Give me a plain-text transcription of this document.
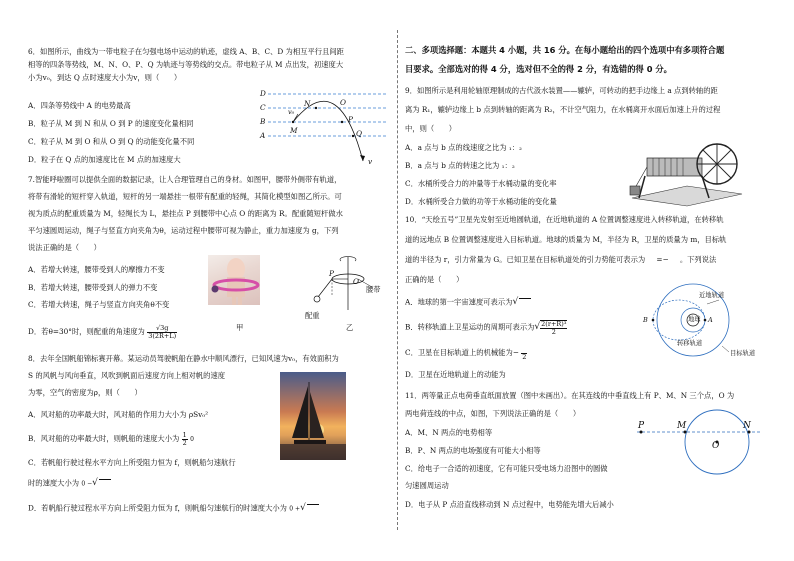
6．如图所示，曲线为一带电粒子在匀强电场中运动的轨迹，虚线 A、B、C、D 为相互平行且间距
相等的四条等势线，M、N、O、P、Q 为轨迹与等势线的交点。带电粒子从 M 点出发，初速度大
小为v₀，到达 Q 点时速度大小为v，则（　　）
A．四条等势线中 A 的电势最高
B．粒子从 M 到 N 和从 O 到 P 的速度变化量相同
C．粒子从 M 到 O 和从 O 到 Q 的动能变化量不同
D．粒子在 Q 点的加速度比在 M 点的加速度大
D
C
B
A
N	O
P
M	Q
v₀
v
7.智能呼啦圈可以提供全面的数据记录，让人合理管理自己的身材。如图甲，腰带外侧带有轨道，
将带有滑轮的短杆穿入轨道，短杆的另一端悬挂一根带有配重的轻绳，其简化模型如图乙所示。可
视为质点的配重质量为 M，轻绳长为 L，悬挂点 P 到腰带中心点 O 的距离为 R。配重随短杆做水
平匀速圆周运动，绳子与竖直方向夹角为θ，运动过程中腰带可视为静止，重力加速度为 g，下列
说法正确的是（　　）
A．若增大转速，腰带受到人的摩擦力不变
B．若增大转速，腰带受到人的弹力不变
C．若增大转速，绳子与竖直方向夹角θ不变
D．若θ=30°时，则配重的角速度为 $\frac{√3g}{3(2R+L)}$	甲
P
O
腰带
配重
乙
8．去年全国帆船锦标赛开幕。某运动员驾驶帆船在静水中顺风漂行，已知风速为v₀，有效面积为
S 的风帆与风向垂直，风吹到帆面后速度方向上相对帆的速度
为零，空气的密度为ρ，则（　　）
A．风对船的功率最大时，风对船的作用力大小为 ρSv₀²
B．风对船的功率最大时，则帆船的速度大小为 $\frac{1}{2} 0$
C．若帆船行驶过程水平方向上所受阻力恒为 f，则帆船匀速航行
时的速度大小为 0 −√
D．若帆船行驶过程水平方向上所受阻力恒为 f，则帆船匀速航行的时速度大小为 0 +√
二、多项选择题：本题共 4 小题，共 16 分。在每小题给出的四个选项中有多项符合题
目要求。全部选对的得 4 分，选对但不全的得 2 分，有选错的得 0 分。
9．如图所示是利用轮轴原理制成的古代汲水装置——辘轳，可转动的把手边缘上 a 点到转轴的距
离为 R₁，辘轳边缘上 b 点到转轴的距离为 R₂，不计空气阻力，在水桶离开水面后加速上升的过程
中，则（　　）
A．a 点与 b 点的线速度之比为 ₁：₂
B．a 点与 b 点的转速之比为 ₁：₂
C．水桶所受合力的冲量等于水桶动量的变化率
D．水桶所受合力做的功等于水桶动能的变化量
10．“天绘五号”卫星先发射至近地圆轨道，在近地轨道的 A 位置调整速度进入转移轨道，在转移轨
道的远地点 B 位置调整速度进入目标轨道。地球的质量为 M，半径为 R，卫星的质量为 m，目标轨
道的半径为 r，引力常量为 G。已知卫星在目标轨道处的引力势能可表示为 =− 。下列说法
正确的是（　　）
A．地球的第一宇宙速度可表示为√
B．转移轨道上卫星运动的周期可表示为√ $\frac{\text{2(r+R)³}}{2}$
C．卫星在目标轨道上的机械能为− 2
D．卫星在近地轨道上的动能为
近地轨道
地球 A
B
转移轨道
目标轨道
11．两等量正点电荷垂直纸面放置（图中未画出）。在其连线的中垂直线上有 P、M、N 三个点，O 为
两电荷连线的中点，如图，下列说法正确的是（　　）
A．M、N 两点的电势相等
B．P、N 两点的电场强度有可能大小相等
C．给电子一合适的初速度，它有可能只受电场力沿图中的圆做
匀速圆周运动
D．电子从 P 点沿直线移动到 N 点过程中，电势能先增大后减小
P	M	N
O
